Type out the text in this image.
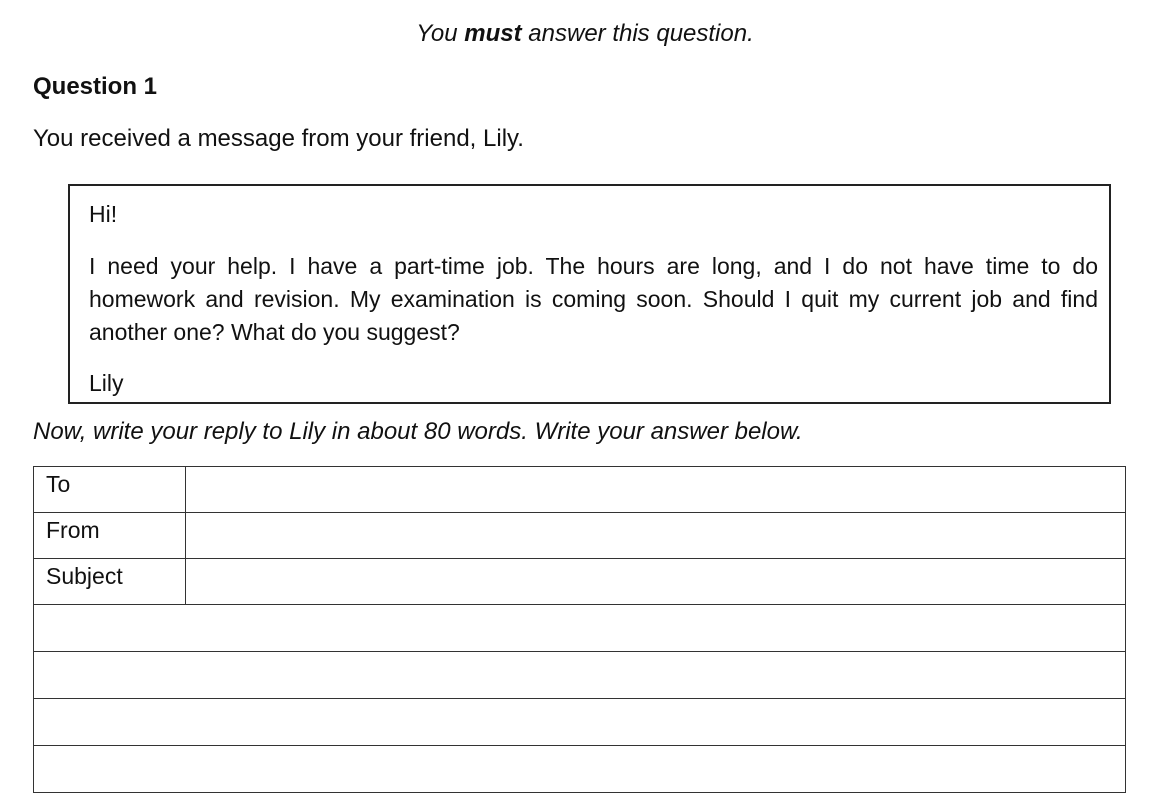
You must answer this question.
Question 1
You received a message from your friend, Lily.
Hi!
I need your help. I have a part-time job. The hours are long, and I do not have time to do homework and revision. My examination is coming soon. Should I quit my current job and find another one? What do you suggest?
Lily
Now, write your reply to Lily in about 80 words. Write your answer below.
To	
From	
Subject	
